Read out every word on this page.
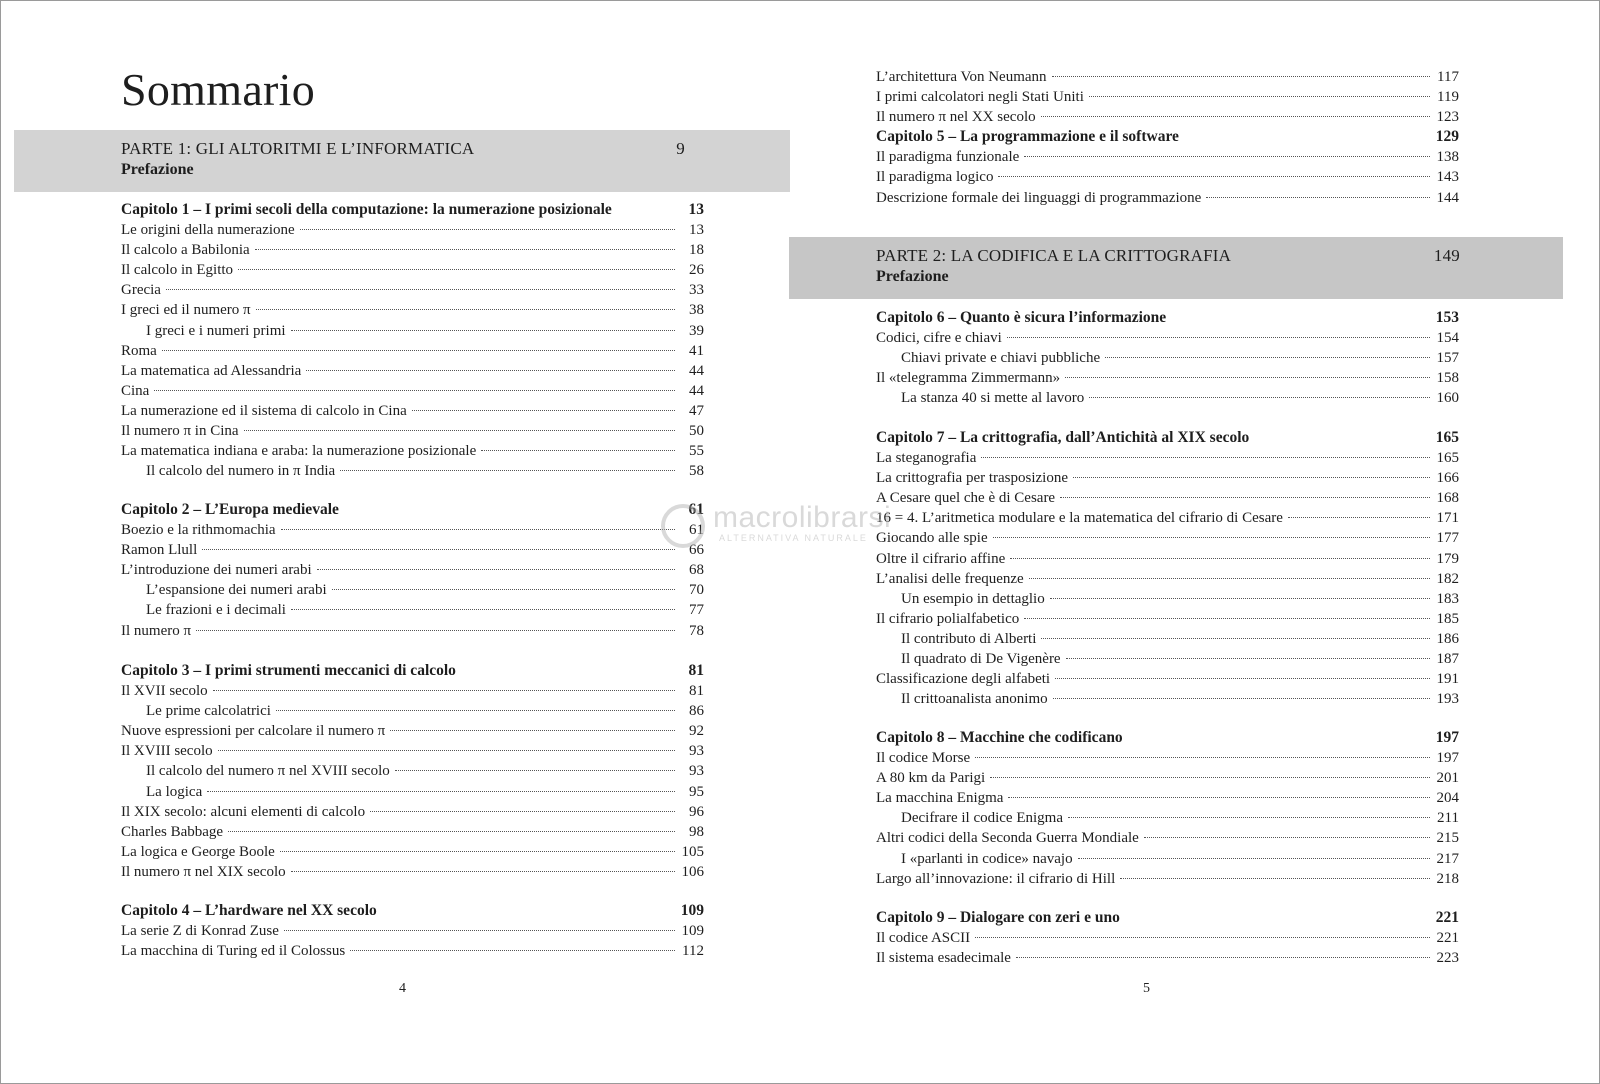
Sommario
PARTE 1: GLI ALTORITMI E L’INFORMATICA	9
Prefazione
Capitolo 1 – I primi secoli della computazione: la numerazione posizionale	13
Le origini della numerazione	13
Il calcolo a Babilonia	18
Il calcolo in Egitto	26
Grecia	33
I greci ed il numero π	38
I greci e i numeri primi	39
Roma	41
La matematica ad Alessandria	44
Cina	44
La numerazione ed il sistema di calcolo in Cina	47
Il numero π in Cina	50
La matematica indiana e araba: la numerazione posizionale	55
Il calcolo del numero in π India	58
Capitolo 2 – L’Europa medievale	61
Boezio e la rithmomachia	61
Ramon Llull	66
L’introduzione dei numeri arabi	68
L’espansione dei numeri arabi	70
Le frazioni e i decimali	77
Il numero π	78
Capitolo 3 – I primi strumenti meccanici di calcolo	81
Il XVII secolo	81
Le prime calcolatrici	86
Nuove espressioni per calcolare il numero π	92
Il XVIII secolo	93
Il calcolo del numero π nel XVIII secolo	93
La logica	95
Il XIX secolo: alcuni elementi di calcolo	96
Charles Babbage	98
La logica e George Boole	105
Il numero π nel XIX secolo	106
Capitolo 4 – L’hardware nel XX secolo	109
La serie Z di Konrad Zuse	109
La macchina di Turing ed il Colossus	112
4
L’architettura Von Neumann	117
I primi calcolatori negli Stati Uniti	119
Il numero π nel XX secolo	123
Capitolo 5 – La programmazione e il software	129
Il paradigma funzionale	138
Il paradigma logico	143
Descrizione formale dei linguaggi di programmazione	144
PARTE 2: LA CODIFICA E LA CRITTOGRAFIA	149
Prefazione
Capitolo 6 – Quanto è sicura l’informazione	153
Codici, cifre e chiavi	154
Chiavi private e chiavi pubbliche	157
Il «telegramma Zimmermann»	158
La stanza 40 si mette al lavoro	160
Capitolo 7 – La crittografia, dall’Antichità al XIX secolo	165
La steganografia	165
La crittografia per trasposizione	166
A Cesare quel che è di Cesare	168
16 = 4. L’aritmetica modulare e la matematica del cifrario di Cesare	171
Giocando alle spie	177
Oltre il cifrario affine	179
L’analisi delle frequenze	182
Un esempio in dettaglio	183
Il cifrario polialfabetico	185
Il contributo di Alberti	186
Il quadrato di De Vigenère	187
Classificazione degli alfabeti	191
Il crittoanalista anonimo	193
Capitolo 8 – Macchine che codificano	197
Il codice Morse	197
A 80 km da Parigi	201
La macchina Enigma	204
Decifrare il codice Enigma	211
Altri codici della Seconda Guerra Mondiale	215
I «parlanti in codice» navajo	217
Largo all’innovazione: il cifrario di Hill	218
Capitolo 9 – Dialogare con zeri e uno	221
Il codice ASCII	221
Il sistema esadecimale	223
5
macrolibrarsi
ALTERNATIVA NATURALE
